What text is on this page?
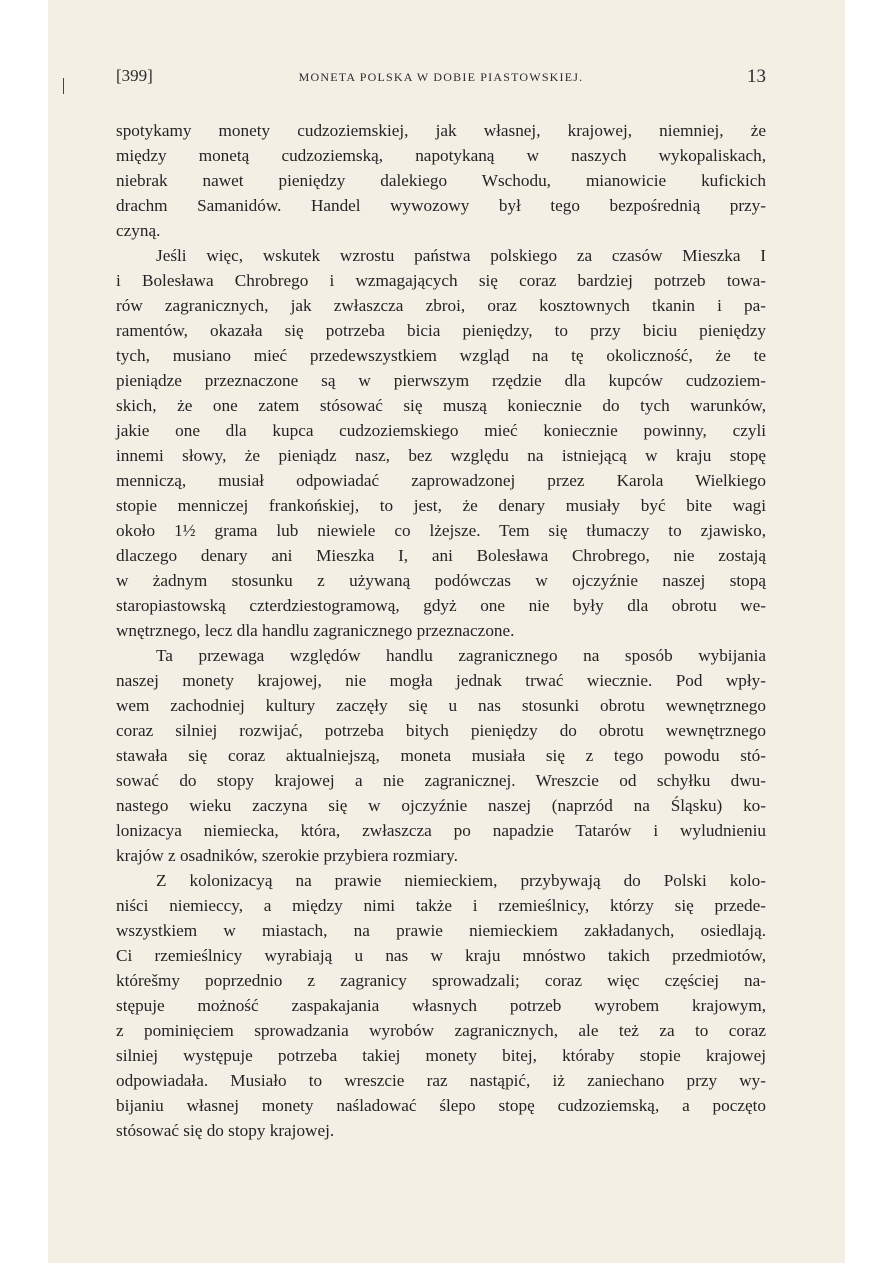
[399]	MONETA POLSKA W DOBIE PIASTOWSKIEJ.	13
spotykamy monety cudzoziemskiej, jak własnej, krajowej, niemniej, że
między monetą cudzoziemską, napotykaną w naszych wykopaliskach,
niebrak nawet pieniędzy dalekiego Wschodu, mianowicie kufickich
drachm Samanidów. Handel wywozowy był tego bezpośrednią przy-
czyną.
Jeśli więc, wskutek wzrostu państwa polskiego za czasów Mieszka I
i Bolesława Chrobrego i wzmagających się coraz bardziej potrzeb towa-
rów zagranicznych, jak zwłaszcza zbroi, oraz kosztownych tkanin i pa-
ramentów, okazała się potrzeba bicia pieniędzy, to przy biciu pieniędzy
tych, musiano mieć przedewszystkiem wzgląd na tę okoliczność, że te
pieniądze przeznaczone są w pierwszym rzędzie dla kupców cudzoziem-
skich, że one zatem stósować się muszą koniecznie do tych warunków,
jakie one dla kupca cudzoziemskiego mieć koniecznie powinny, czyli
innemi słowy, że pieniądz nasz, bez względu na istniejącą w kraju stopę
menniczą, musiał odpowiadać zaprowadzonej przez Karola Wielkiego
stopie menniczej frankońskiej, to jest, że denary musiały być bite wagi
około 1½ grama lub niewiele co lżejsze. Tem się tłumaczy to zjawisko,
dlaczego denary ani Mieszka I, ani Bolesława Chrobrego, nie zostają
w żadnym stosunku z używaną podówczas w ojczyźnie naszej stopą
staropiastowską czterdziestogramową, gdyż one nie były dla obrotu we-
wnętrznego, lecz dla handlu zagranicznego przeznaczone.
Ta przewaga względów handlu zagranicznego na sposób wybijania
naszej monety krajowej, nie mogła jednak trwać wiecznie. Pod wpły-
wem zachodniej kultury zaczęły się u nas stosunki obrotu wewnętrznego
coraz silniej rozwijać, potrzeba bitych pieniędzy do obrotu wewnętrznego
stawała się coraz aktualniejszą, moneta musiała się z tego powodu stó-
sować do stopy krajowej a nie zagranicznej. Wreszcie od schyłku dwu-
nastego wieku zaczyna się w ojczyźnie naszej (naprzód na Śląsku) ko-
lonizacya niemiecka, która, zwłaszcza po napadzie Tatarów i wyludnieniu
krajów z osadników, szerokie przybiera rozmiary.
Z kolonizacyą na prawie niemieckiem, przybywają do Polski kolo-
niści niemieccy, a między nimi także i rzemieślnicy, którzy się przede-
wszystkiem w miastach, na prawie niemieckiem zakładanych, osiedlają.
Ci rzemieślnicy wyrabiają u nas w kraju mnóstwo takich przedmiotów,
którešmy poprzednio z zagranicy sprowadzali; coraz więc częściej na-
stępuje możność zaspakajania własnych potrzeb wyrobem krajowym,
z pominięciem sprowadzania wyrobów zagranicznych, ale też za to coraz
silniej występuje potrzeba takiej monety bitej, któraby stopie krajowej
odpowiadała. Musiało to wreszcie raz nastąpić, iż zaniechano przy wy-
bijaniu własnej monety naśladować ślepo stopę cudzoziemską, a poczęto
stósować się do stopy krajowej.
